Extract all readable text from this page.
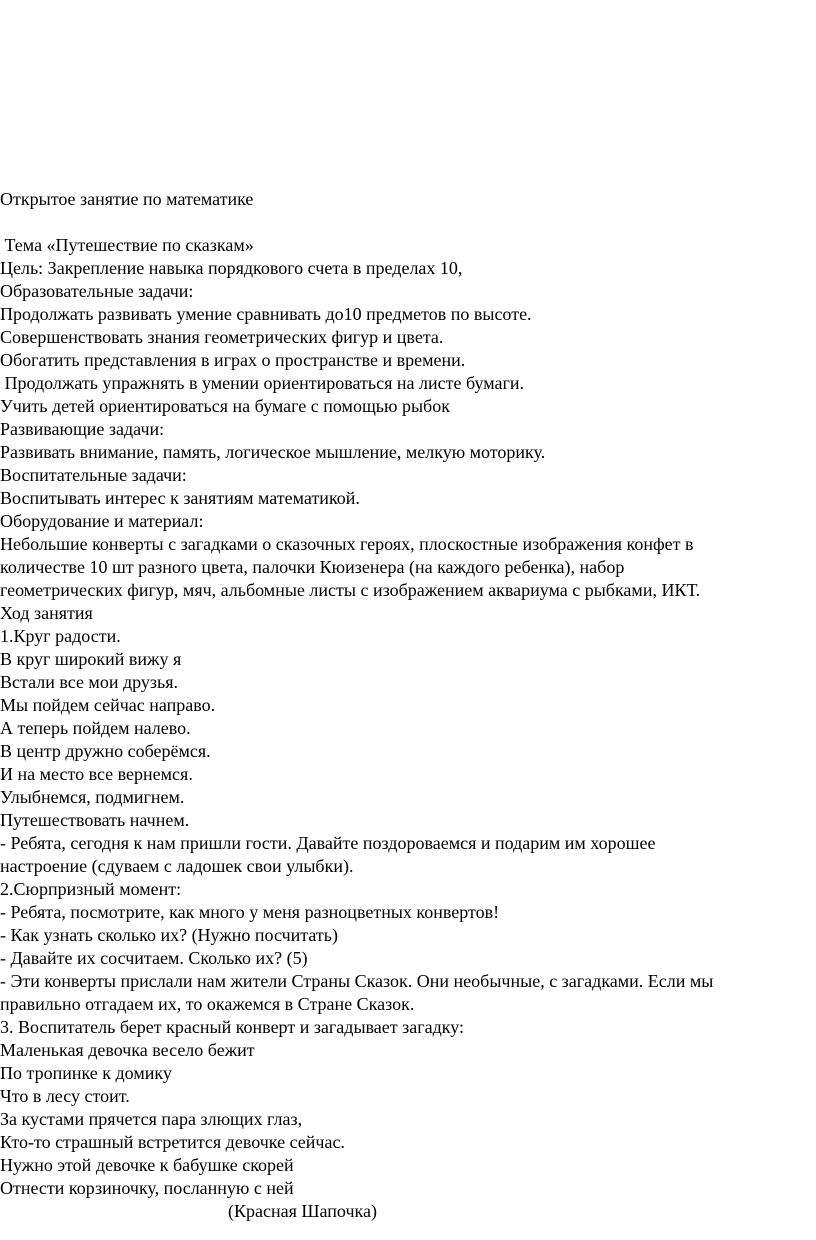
Открытое занятие по математике
Тема «Путешествие по сказкам»
Цель: Закрепление навыка порядкового счета в пределах 10,
Образовательные задачи:
Продолжать развивать умение сравнивать до10 предметов по высоте.
Совершенствовать знания геометрических фигур и цвета.
Обогатить представления в играх о пространстве и времени.
Продолжать упражнять в умении ориентироваться на листе бумаги.
Учить детей ориентироваться на бумаге с помощью рыбок
Развивающие задачи:
Развивать внимание, память, логическое мышление, мелкую моторику.
Воспитательные задачи:
Воспитывать интерес к занятиям математикой.
Оборудование и материал:
Небольшие конверты с загадками о сказочных героях, плоскостные изображения конфет в
количестве 10 шт разного цвета, палочки Кюизенера (на каждого ребенка), набор
геометрических фигур, мяч, альбомные листы с изображением аквариума с рыбками, ИКТ.
Ход занятия
1.Круг радости.
В круг широкий вижу я
Встали все мои друзья.
Мы пойдем сейчас направо.
А теперь пойдем налево.
В центр дружно соберёмся.
И на место все вернемся.
Улыбнемся, подмигнем.
Путешествовать начнем.
- Ребята, сегодня к нам пришли гости. Давайте поздороваемся и подарим им хорошее
настроение (сдуваем с ладошек свои улыбки).
2.Сюрпризный момент:
- Ребята, посмотрите, как много у меня разноцветных конвертов!
- Как узнать сколько их? (Нужно посчитать)
- Давайте их сосчитаем. Сколько их? (5)
- Эти конверты прислали нам жители Страны Сказок. Они необычные, с загадками. Если мы
правильно отгадаем их, то окажемся в Стране Сказок.
3. Воспитатель берет красный конверт и загадывает загадку:
Маленькая девочка весело бежит
По тропинке к домику
Что в лесу стоит.
За кустами прячется пара злющих глаз,
Кто-то страшный встретится девочке сейчас.
Нужно этой девочке к бабушке скорей
Отнести корзиночку, посланную с ней
(Красная Шапочка)
